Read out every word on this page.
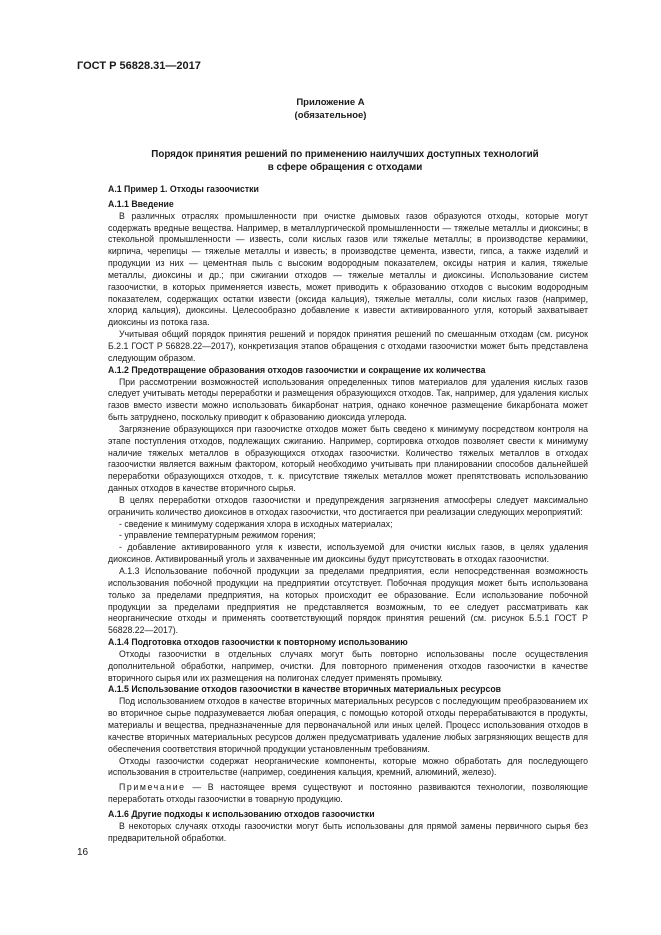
ГОСТ Р 56828.31—2017
Приложение А
(обязательное)
Порядок принятия решений по применению наилучших доступных технологий
в сфере обращения с отходами

А.1 Пример 1. Отходы газоочистки

А.1.1 Введение

В различных отраслях промышленности при очистке дымовых газов образуются отходы, которые могут содержать вредные вещества. Например, в металлургической промышленности — тяжелые металлы и диоксины; в стекольной промышленности — известь, соли кислых газов или тяжелые металлы; в производстве керамики, кирпича, черепицы — тяжелые металлы и известь; в производстве цемента, извести, гипса, а также изделий и продукции из них — цементная пыль с высоким водородным показателем, оксиды натрия и калия, тяжелые металлы, диоксины и др.; при сжигании отходов — тяжелые металлы и диоксины. Использование систем газоочистки, в которых применяется известь, может приводить к образованию отходов с высоким водородным показателем, содержащих остатки извести (оксида кальция), тяжелые металлы, соли кислых газов (например, хлорид кальция), диоксины. Целесообразно добавление к извести активированного угля, который захватывает диоксины из потока газа.

Учитывая общий порядок принятия решений и порядок принятия решений по смешанным отходам (см. рисунок Б.2.1 ГОСТ Р 56828.22—2017), конкретизация этапов обращения с отходами газоочистки может быть представлена следующим образом.

А.1.2 Предотвращение образования отходов газоочистки и сокращение их количества

При рассмотрении возможностей использования определенных типов материалов для удаления кислых газов следует учитывать методы переработки и размещения образующихся отходов. Так, например, для удаления кислых газов вместо извести можно использовать бикарбонат натрия, однако конечное размещение бикарбоната может быть затруднено, поскольку приводит к образованию диоксида углерода.

Загрязнение образующихся при газоочистке отходов может быть сведено к минимуму посредством контроля на этапе поступления отходов, подлежащих сжиганию. Например, сортировка отходов позволяет свести к минимуму наличие тяжелых металлов в образующихся отходах газоочистки. Количество тяжелых металлов в отходах газоочистки является важным фактором, который необходимо учитывать при планировании способов дальнейшей переработки образующихся отходов, т. к. присутствие тяжелых металлов может препятствовать использованию данных отходов в качестве вторичного сырья.

В целях переработки отходов газоочистки и предупреждения загрязнения атмосферы следует максимально ограничить количество диоксинов в отходах газоочистки, что достигается при реализации следующих мероприятий:

- сведение к минимуму содержания хлора в исходных материалах;

- управление температурным режимом горения;

- добавление активированного угля к извести, используемой для очистки кислых газов, в целях удаления диоксинов. Активированный уголь и захваченные им диоксины будут присутствовать в отходах газоочистки.

А.1.3 Использование побочной продукции за пределами предприятия, если непосредственная возможность использования побочной продукции на предприятии отсутствует. Побочная продукция может быть использована только за пределами предприятия, на которых происходит ее образование. Если использование побочной продукции за пределами предприятия не представляется возможным, то ее следует рассматривать как неорганические отходы и применять соответствующий порядок принятия решений (см. рисунок Б.5.1 ГОСТ Р 56828.22—2017).

А.1.4 Подготовка отходов газоочистки к повторному использованию

Отходы газоочистки в отдельных случаях могут быть повторно использованы после осуществления дополнительной обработки, например, очистки. Для повторного применения отходов газоочистки в качестве вторичного сырья или их размещения на полигонах следует применять промывку.

А.1.5 Использование отходов газоочистки в качестве вторичных материальных ресурсов

Под использованием отходов в качестве вторичных материальных ресурсов с последующим преобразованием их во вторичное сырье подразумевается любая операция, с помощью которой отходы перерабатываются в продукты, материалы и вещества, предназначенные для первоначальной или иных целей. Процесс использования отходов в качестве вторичных материальных ресурсов должен предусматривать удаление любых загрязняющих веществ для обеспечения соответствия вторичной продукции установленным требованиям.

Отходы газоочистки содержат неорганические компоненты, которые можно обработать для последующего использования в строительстве (например, соединения кальция, кремний, алюминий, железо).

Примечание — В настоящее время существуют и постоянно развиваются технологии, позволяющие переработать отходы газоочистки в товарную продукцию.

А.1.6 Другие подходы к использованию отходов газоочистки

В некоторых случаях отходы газоочистки могут быть использованы для прямой замены первичного сырья без предварительной обработки.

16
